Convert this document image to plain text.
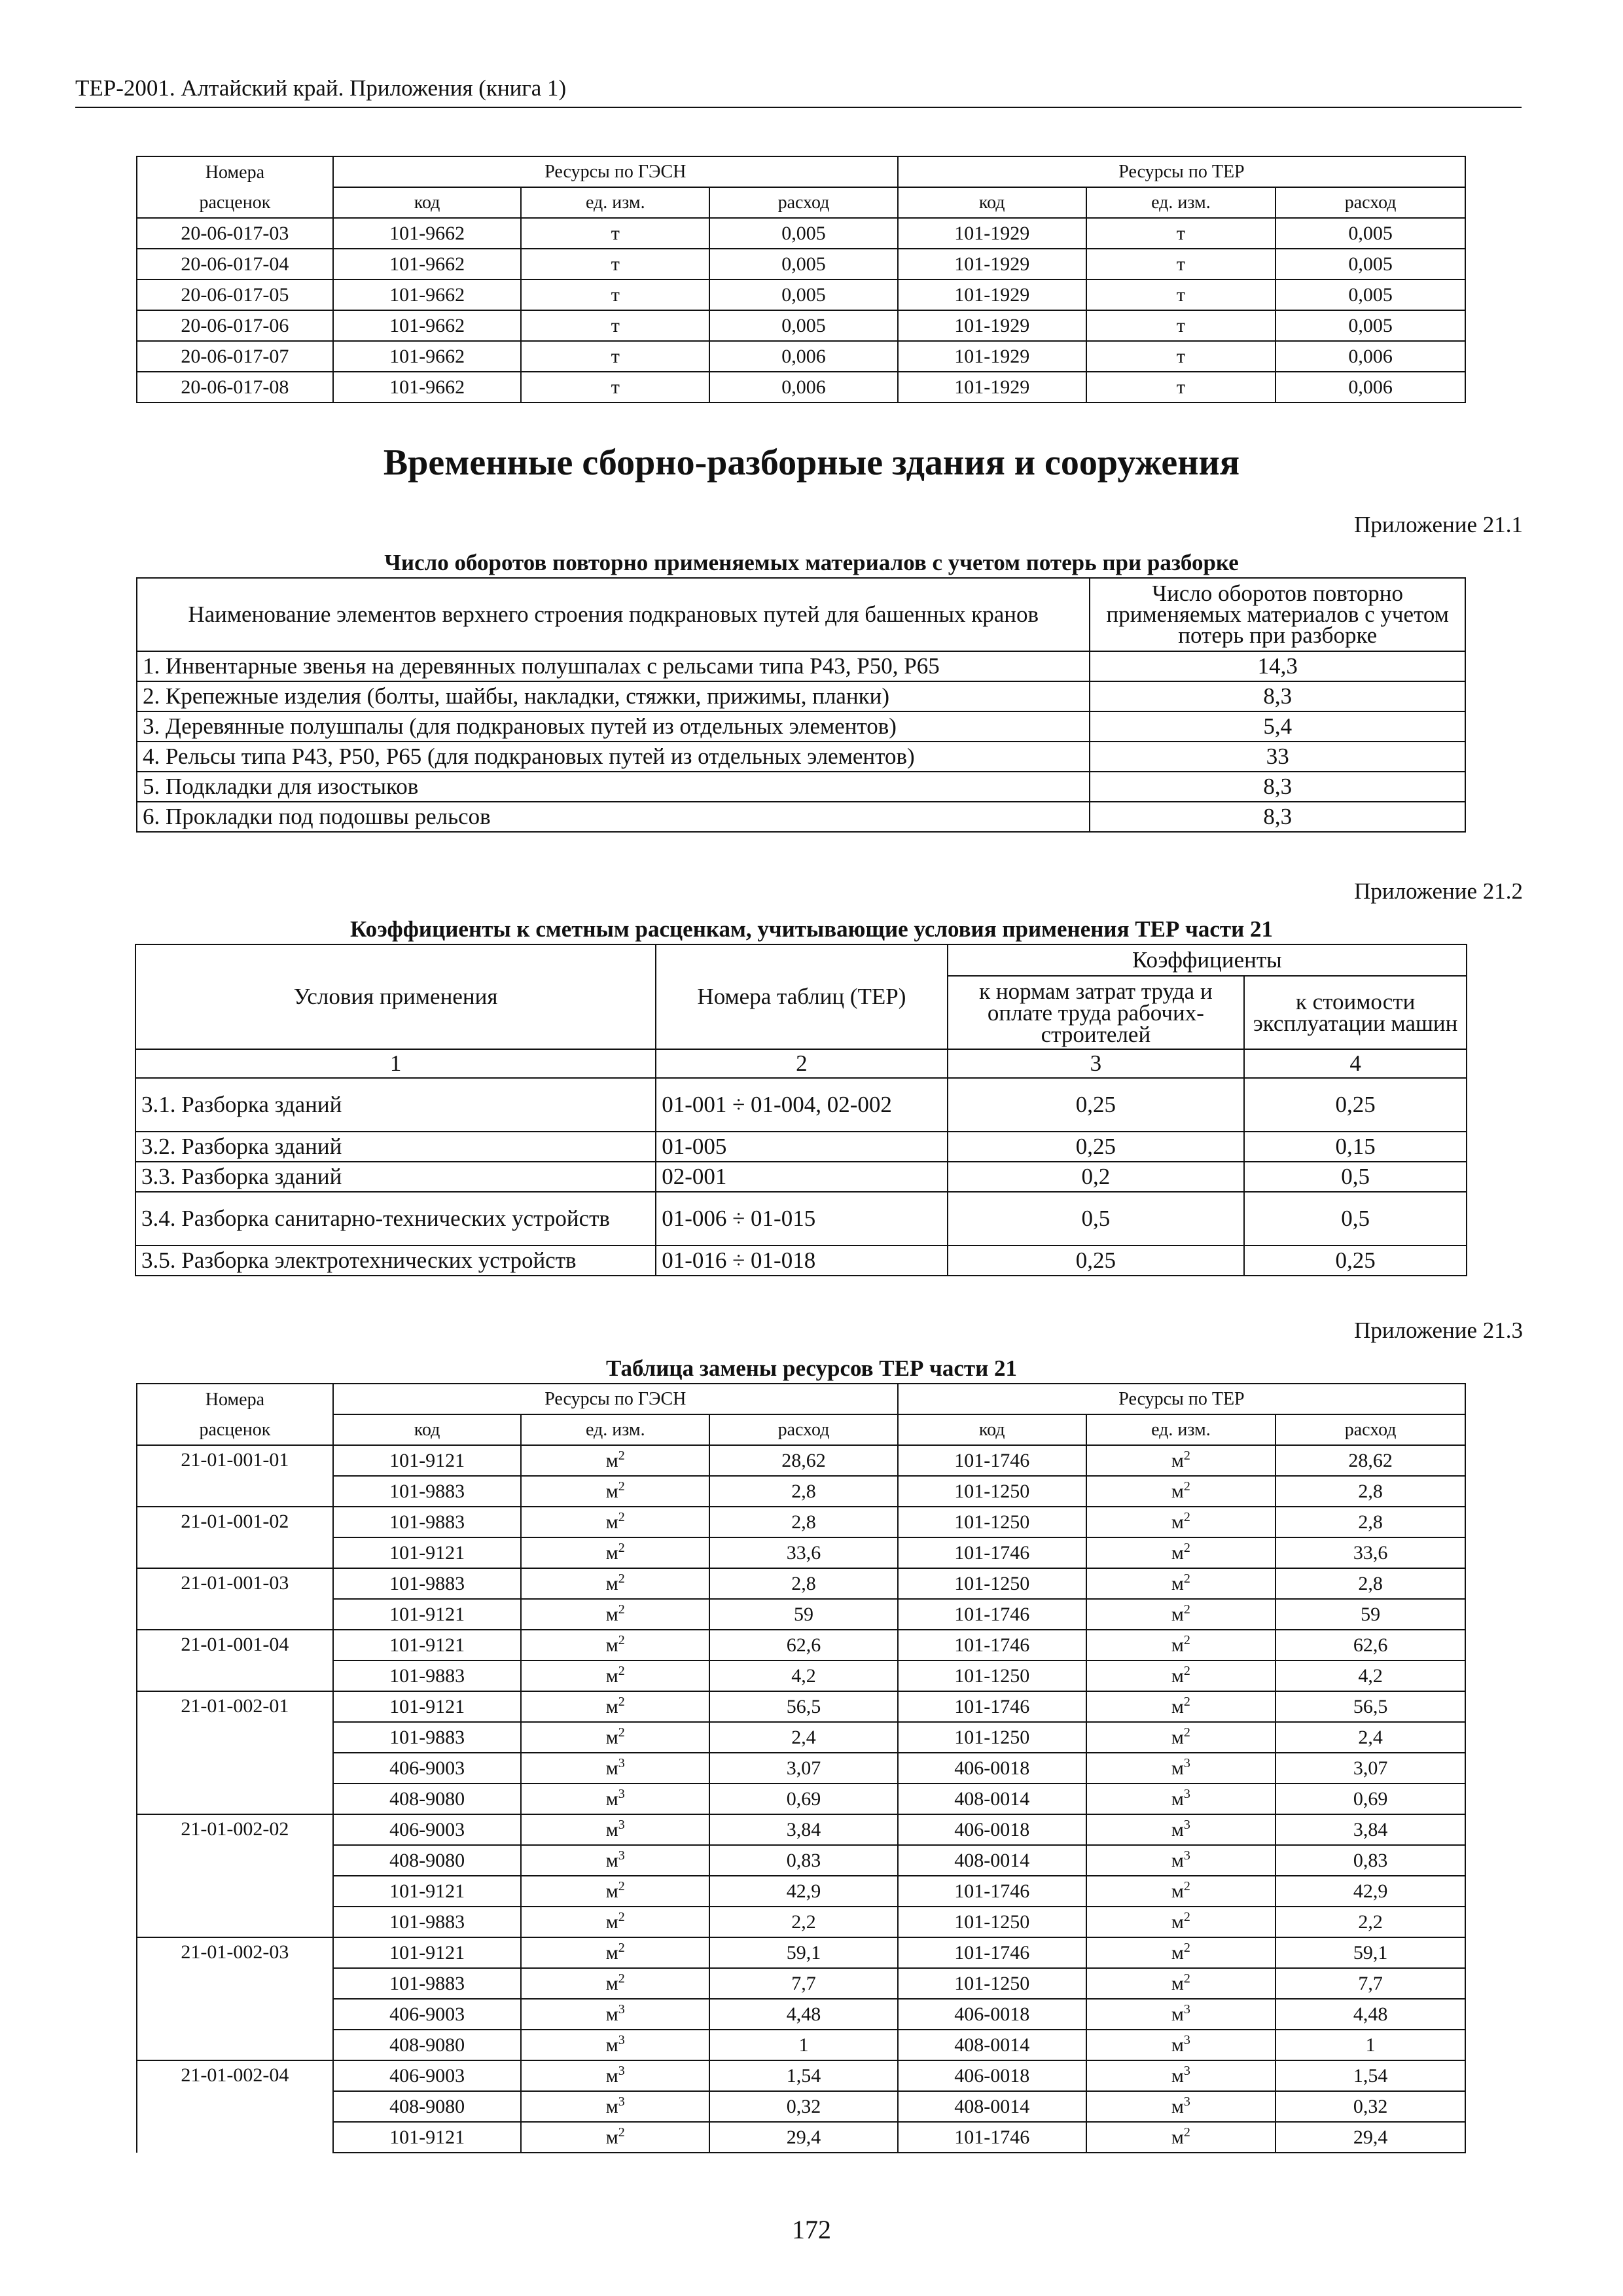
ТЕР-2001. Алтайский край. Приложения (книга 1)
Номера	Ресурсы по ГЭСН			Ресурсы по ТЕР		
расценок	код	ед. изм.	расход	код	ед. изм.	расход
20-06-017-03	101-9662	т	0,005	101-1929	т	0,005
20-06-017-04	101-9662	т	0,005	101-1929	т	0,005
20-06-017-05	101-9662	т	0,005	101-1929	т	0,005
20-06-017-06	101-9662	т	0,005	101-1929	т	0,005
20-06-017-07	101-9662	т	0,006	101-1929	т	0,006
20-06-017-08	101-9662	т	0,006	101-1929	т	0,006
Временные сборно-разборные здания и сооружения
Приложение 21.1
Число оборотов повторно применяемых материалов с учетом потерь при разборке
Наименование элементов верхнего строения подкрановых путей для башенных кранов	Число оборотов повторно применяемых материалов с учетом потерь при разборке
1. Инвентарные звенья на деревянных полушпалах с рельсами типа Р43, Р50, Р65	14,3
2. Крепежные изделия (болты, шайбы, накладки, стяжки, прижимы, планки)	8,3
3. Деревянные полушпалы (для подкрановых путей из отдельных элементов)	5,4
4. Рельсы типа Р43, Р50, Р65 (для подкрановых путей из отдельных элементов)	33
5. Подкладки для изостыков	8,3
6. Прокладки под подошвы рельсов	8,3
Приложение 21.2
Коэффициенты к сметным расценкам, учитывающие условия применения ТЕР части 21
Условия применения	Номера таблиц (ТЕР)	Коэффициенты	
		к нормам затрат труда и оплате труда рабочих-строителей	к стоимости эксплуатации машин
1	2	3	4
3.1. Разборка зданий	01-001 ÷ 01-004, 02-002	0,25	0,25
3.2. Разборка зданий	01-005	0,25	0,15
3.3. Разборка зданий	02-001	0,2	0,5
3.4. Разборка санитарно-технических устройств	01-006 ÷ 01-015	0,5	0,5
3.5. Разборка электротехнических устройств	01-016 ÷ 01-018	0,25	0,25
Приложение 21.3
Таблица замены ресурсов ТЕР части 21
Номера	Ресурсы по ГЭСН			Ресурсы по ТЕР		
расценок	код	ед. изм.	расход	код	ед. изм.	расход
21-01-001-01	101-9121	$м^2$	28,62	101-1746	$м^2$	28,62
	101-9883	$м^2$	2,8	101-1250	$м^2$	2,8
21-01-001-02	101-9883	$м^2$	2,8	101-1250	$м^2$	2,8
	101-9121	$м^2$	33,6	101-1746	$м^2$	33,6
21-01-001-03	101-9883	$м^2$	2,8	101-1250	$м^2$	2,8
	101-9121	$м^2$	59	101-1746	$м^2$	59
21-01-001-04	101-9121	$м^2$	62,6	101-1746	$м^2$	62,6
	101-9883	$м^2$	4,2	101-1250	$м^2$	4,2
21-01-002-01	101-9121	$м^2$	56,5	101-1746	$м^2$	56,5
	101-9883	$м^2$	2,4	101-1250	$м^2$	2,4
	406-9003	$м^3$	3,07	406-0018	$м^3$	3,07
	408-9080	$м^3$	0,69	408-0014	$м^3$	0,69
21-01-002-02	406-9003	$м^3$	3,84	406-0018	$м^3$	3,84
	408-9080	$м^3$	0,83	408-0014	$м^3$	0,83
	101-9121	$м^2$	42,9	101-1746	$м^2$	42,9
	101-9883	$м^2$	2,2	101-1250	$м^2$	2,2
21-01-002-03	101-9121	$м^2$	59,1	101-1746	$м^2$	59,1
	101-9883	$м^2$	7,7	101-1250	$м^2$	7,7
	406-9003	$м^3$	4,48	406-0018	$м^3$	4,48
	408-9080	$м^3$	1	408-0014	$м^3$	1
21-01-002-04	406-9003	$м^3$	1,54	406-0018	$м^3$	1,54
	408-9080	$м^3$	0,32	408-0014	$м^3$	0,32
	101-9121	$м^2$	29,4	101-1746	$м^2$	29,4
172
